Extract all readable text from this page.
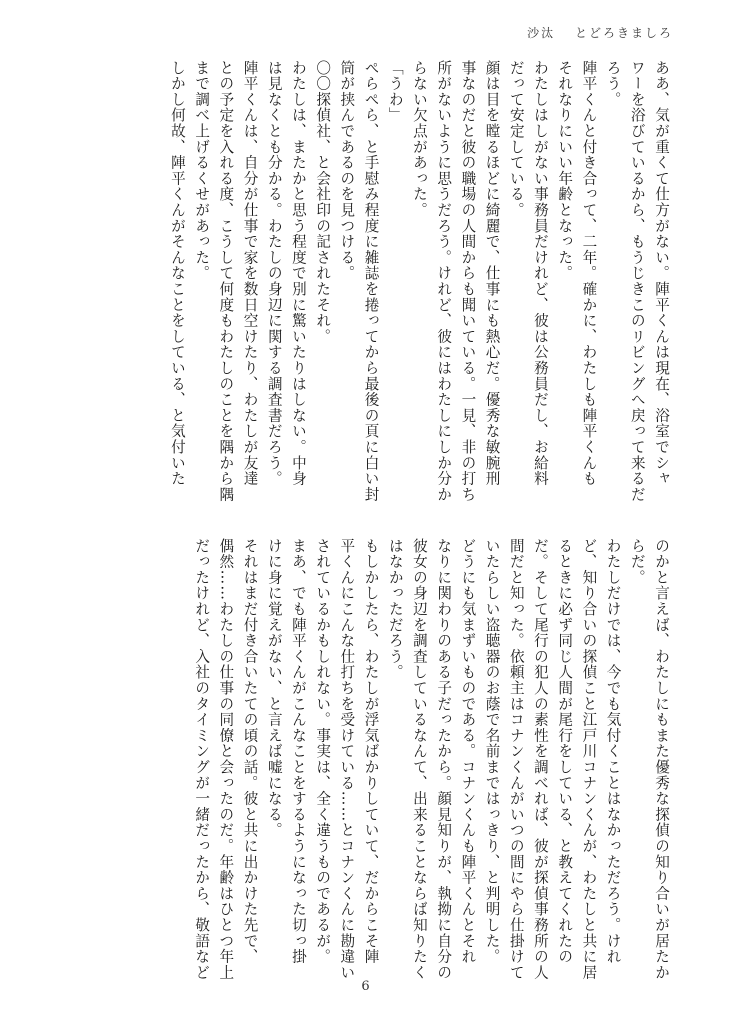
沙汰 とどろきましろ
ああ、気が重くて仕方がない。陣平くんは現在、浴室でシャ
ワーを浴びているから、もうじきこのリビングへ戻って来るだ
ろう。
陣平くんと付き合って、二年。確かに、わたしも陣平くんも
それなりにいい年齢となった。
わたしはしがない事務員だけれど、彼は公務員だし、お給料
だって安定している。
顔は目を瞠るほどに綺麗で、仕事にも熱心だ。優秀な敏腕刑
事なのだと彼の職場の人間からも聞いている。一見、非の打ち
所がないように思うだろう。けれど、彼にはわたしにしか分か
らない欠点があった。
「うわ」
ぺらぺら、と手慰み程度に雑誌を捲ってから最後の頁に白い封
筒が挟んであるのを見つける。
〇〇探偵社、と会社印の記されたそれ。
わたしは、またかと思う程度で別に驚いたりはしない。中身
は見なくとも分かる。わたしの身辺に関する調査書だろう。
陣平くんは、自分が仕事で家を数日空けたり、わたしが友達
との予定を入れる度、こうして何度もわたしのことを隅から隅
まで調べ上げるくせがあった。
しかし何故、陣平くんがそんなことをしている、と気付いた
のかと言えば、わたしにもまた優秀な探偵の知り合いが居たか
らだ。
わたしだけでは、今でも気付くことはなかっただろう。けれ
ど、知り合いの探偵こと江戸川コナンくんが、わたしと共に居
るときに必ず同じ人間が尾行をしている、と教えてくれたの
だ。そして尾行の犯人の素性を調べれば、彼が探偵事務所の人
間だと知った。依頼主はコナンくんがいつの間にやら仕掛けて
いたらしい盗聴器のお蔭で名前まではっきり、と判明した。
どうにも気まずいものである。コナンくんも陣平くんとそれ
なりに関わりのある子だったから。顔見知りが、執拗に自分の
彼女の身辺を調査しているなんて、出来ることならば知りたく
はなかっただろう。
もしかしたら、わたしが浮気ばかりしていて、だからこそ陣
平くんにこんな仕打ちを受けている……とコナンくんに勘違い
されているかもしれない。事実は、全く違うものであるが。
まあ、でも陣平くんがこんなことをするようになった切っ掛
けに身に覚えがない、と言えば嘘になる。
それはまだ付き合いたての頃の話。彼と共に出かけた先で、
偶然……わたしの仕事の同僚と会ったのだ。年齢はひとつ年上
だったけれど、入社のタイミングが一緒だったから、敬語など
6
